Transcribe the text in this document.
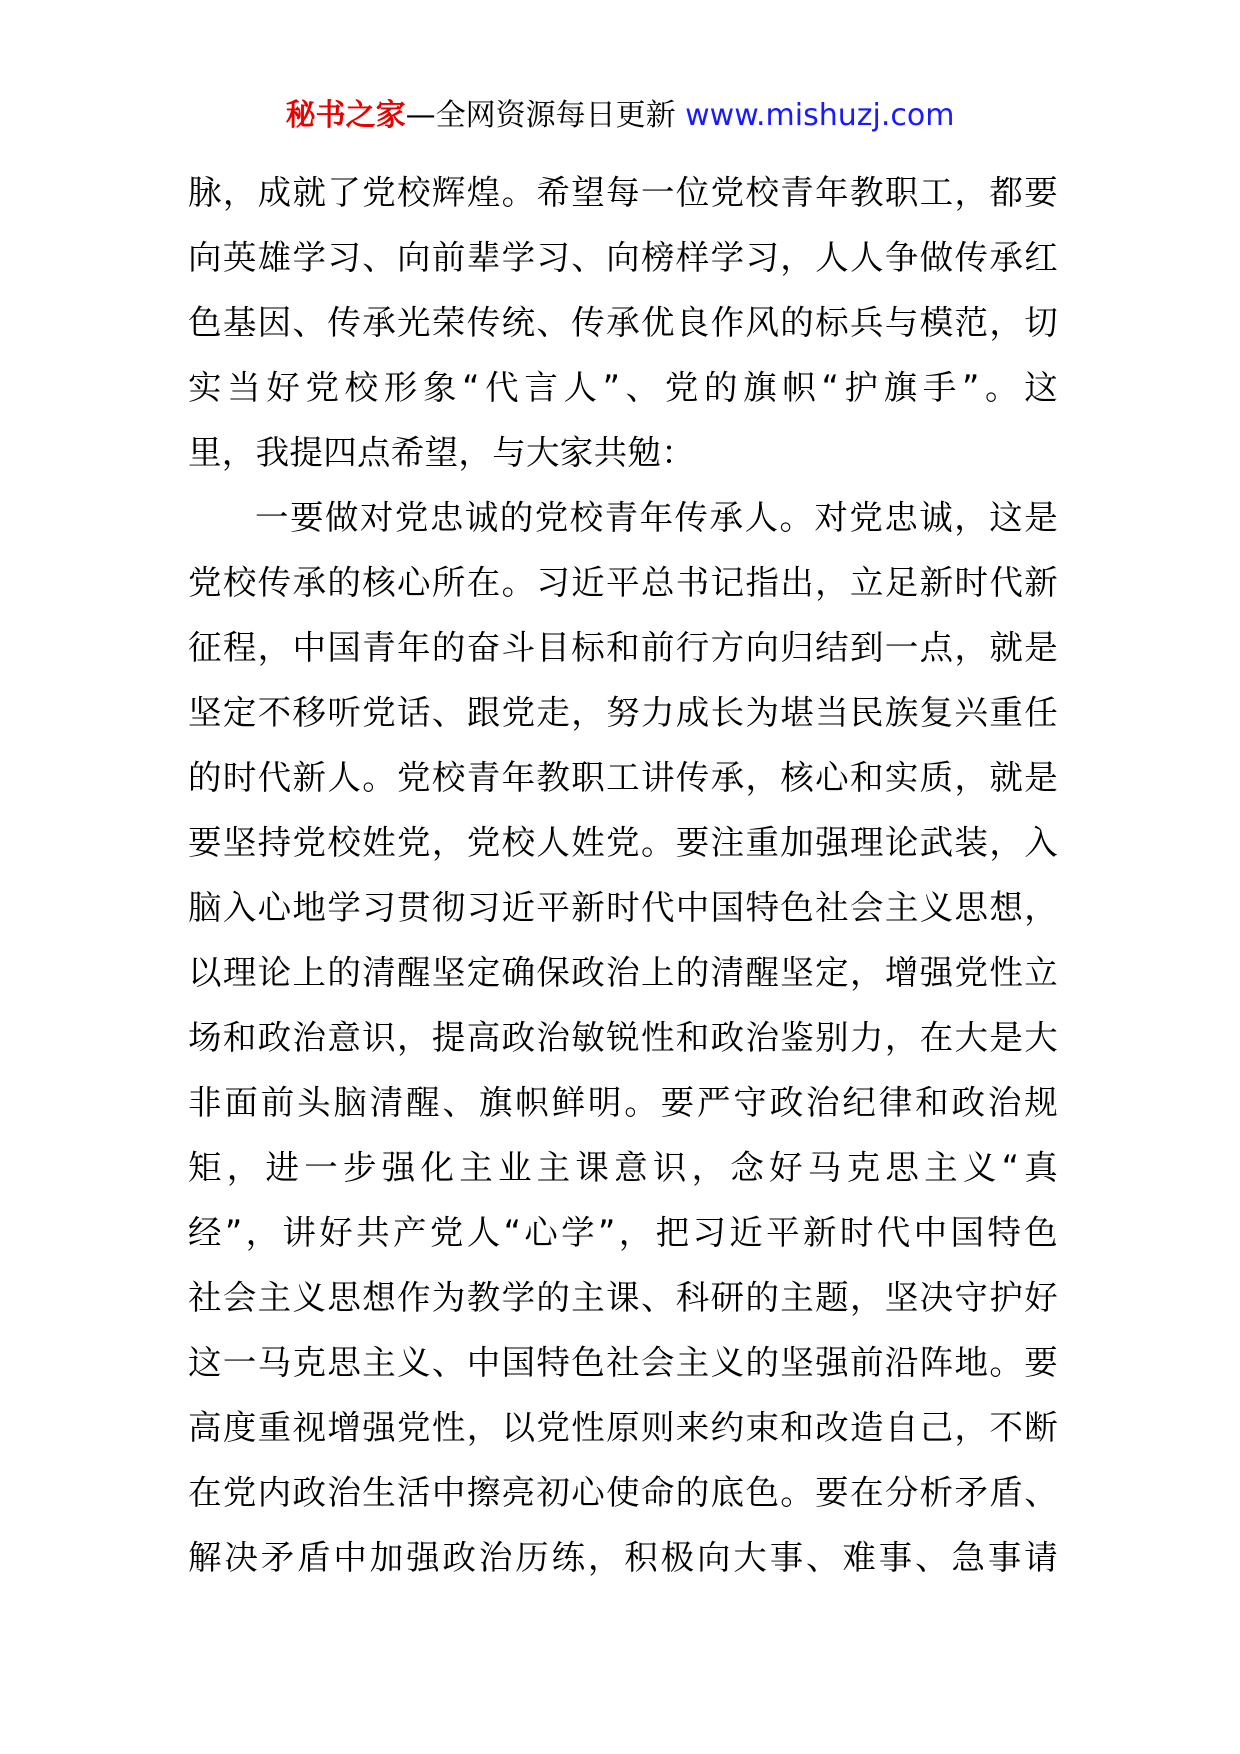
秘书之家—全网资源每日更新 www.mishuzj.com
脉，成就了党校辉煌。希望每一位党校青年教职工，都要
向英雄学习、向前辈学习、向榜样学习，人人争做传承红
色基因、传承光荣传统、传承优良作风的标兵与模范，切
实当好党校形象“代言人”、党的旗帜“护旗手”。这
里，我提四点希望，与大家共勉：
一要做对党忠诚的党校青年传承人。对党忠诚，这是
党校传承的核心所在。习近平总书记指出，立足新时代新
征程，中国青年的奋斗目标和前行方向归结到一点，就是
坚定不移听党话、跟党走，努力成长为堪当民族复兴重任
的时代新人。党校青年教职工讲传承，核心和实质，就是
要坚持党校姓党，党校人姓党。要注重加强理论武装，入
脑入心地学习贯彻习近平新时代中国特色社会主义思想，
以理论上的清醒坚定确保政治上的清醒坚定，增强党性立
场和政治意识，提高政治敏锐性和政治鉴别力，在大是大
非面前头脑清醒、旗帜鲜明。要严守政治纪律和政治规
矩，进一步强化主业主课意识，念好马克思主义“真
经”，讲好共产党人“心学”，把习近平新时代中国特色
社会主义思想作为教学的主课、科研的主题，坚决守护好
这一马克思主义、中国特色社会主义的坚强前沿阵地。要
高度重视增强党性，以党性原则来约束和改造自己，不断
在党内政治生活中擦亮初心使命的底色。要在分析矛盾、
解决矛盾中加强政治历练，积极向大事、难事、急事请
